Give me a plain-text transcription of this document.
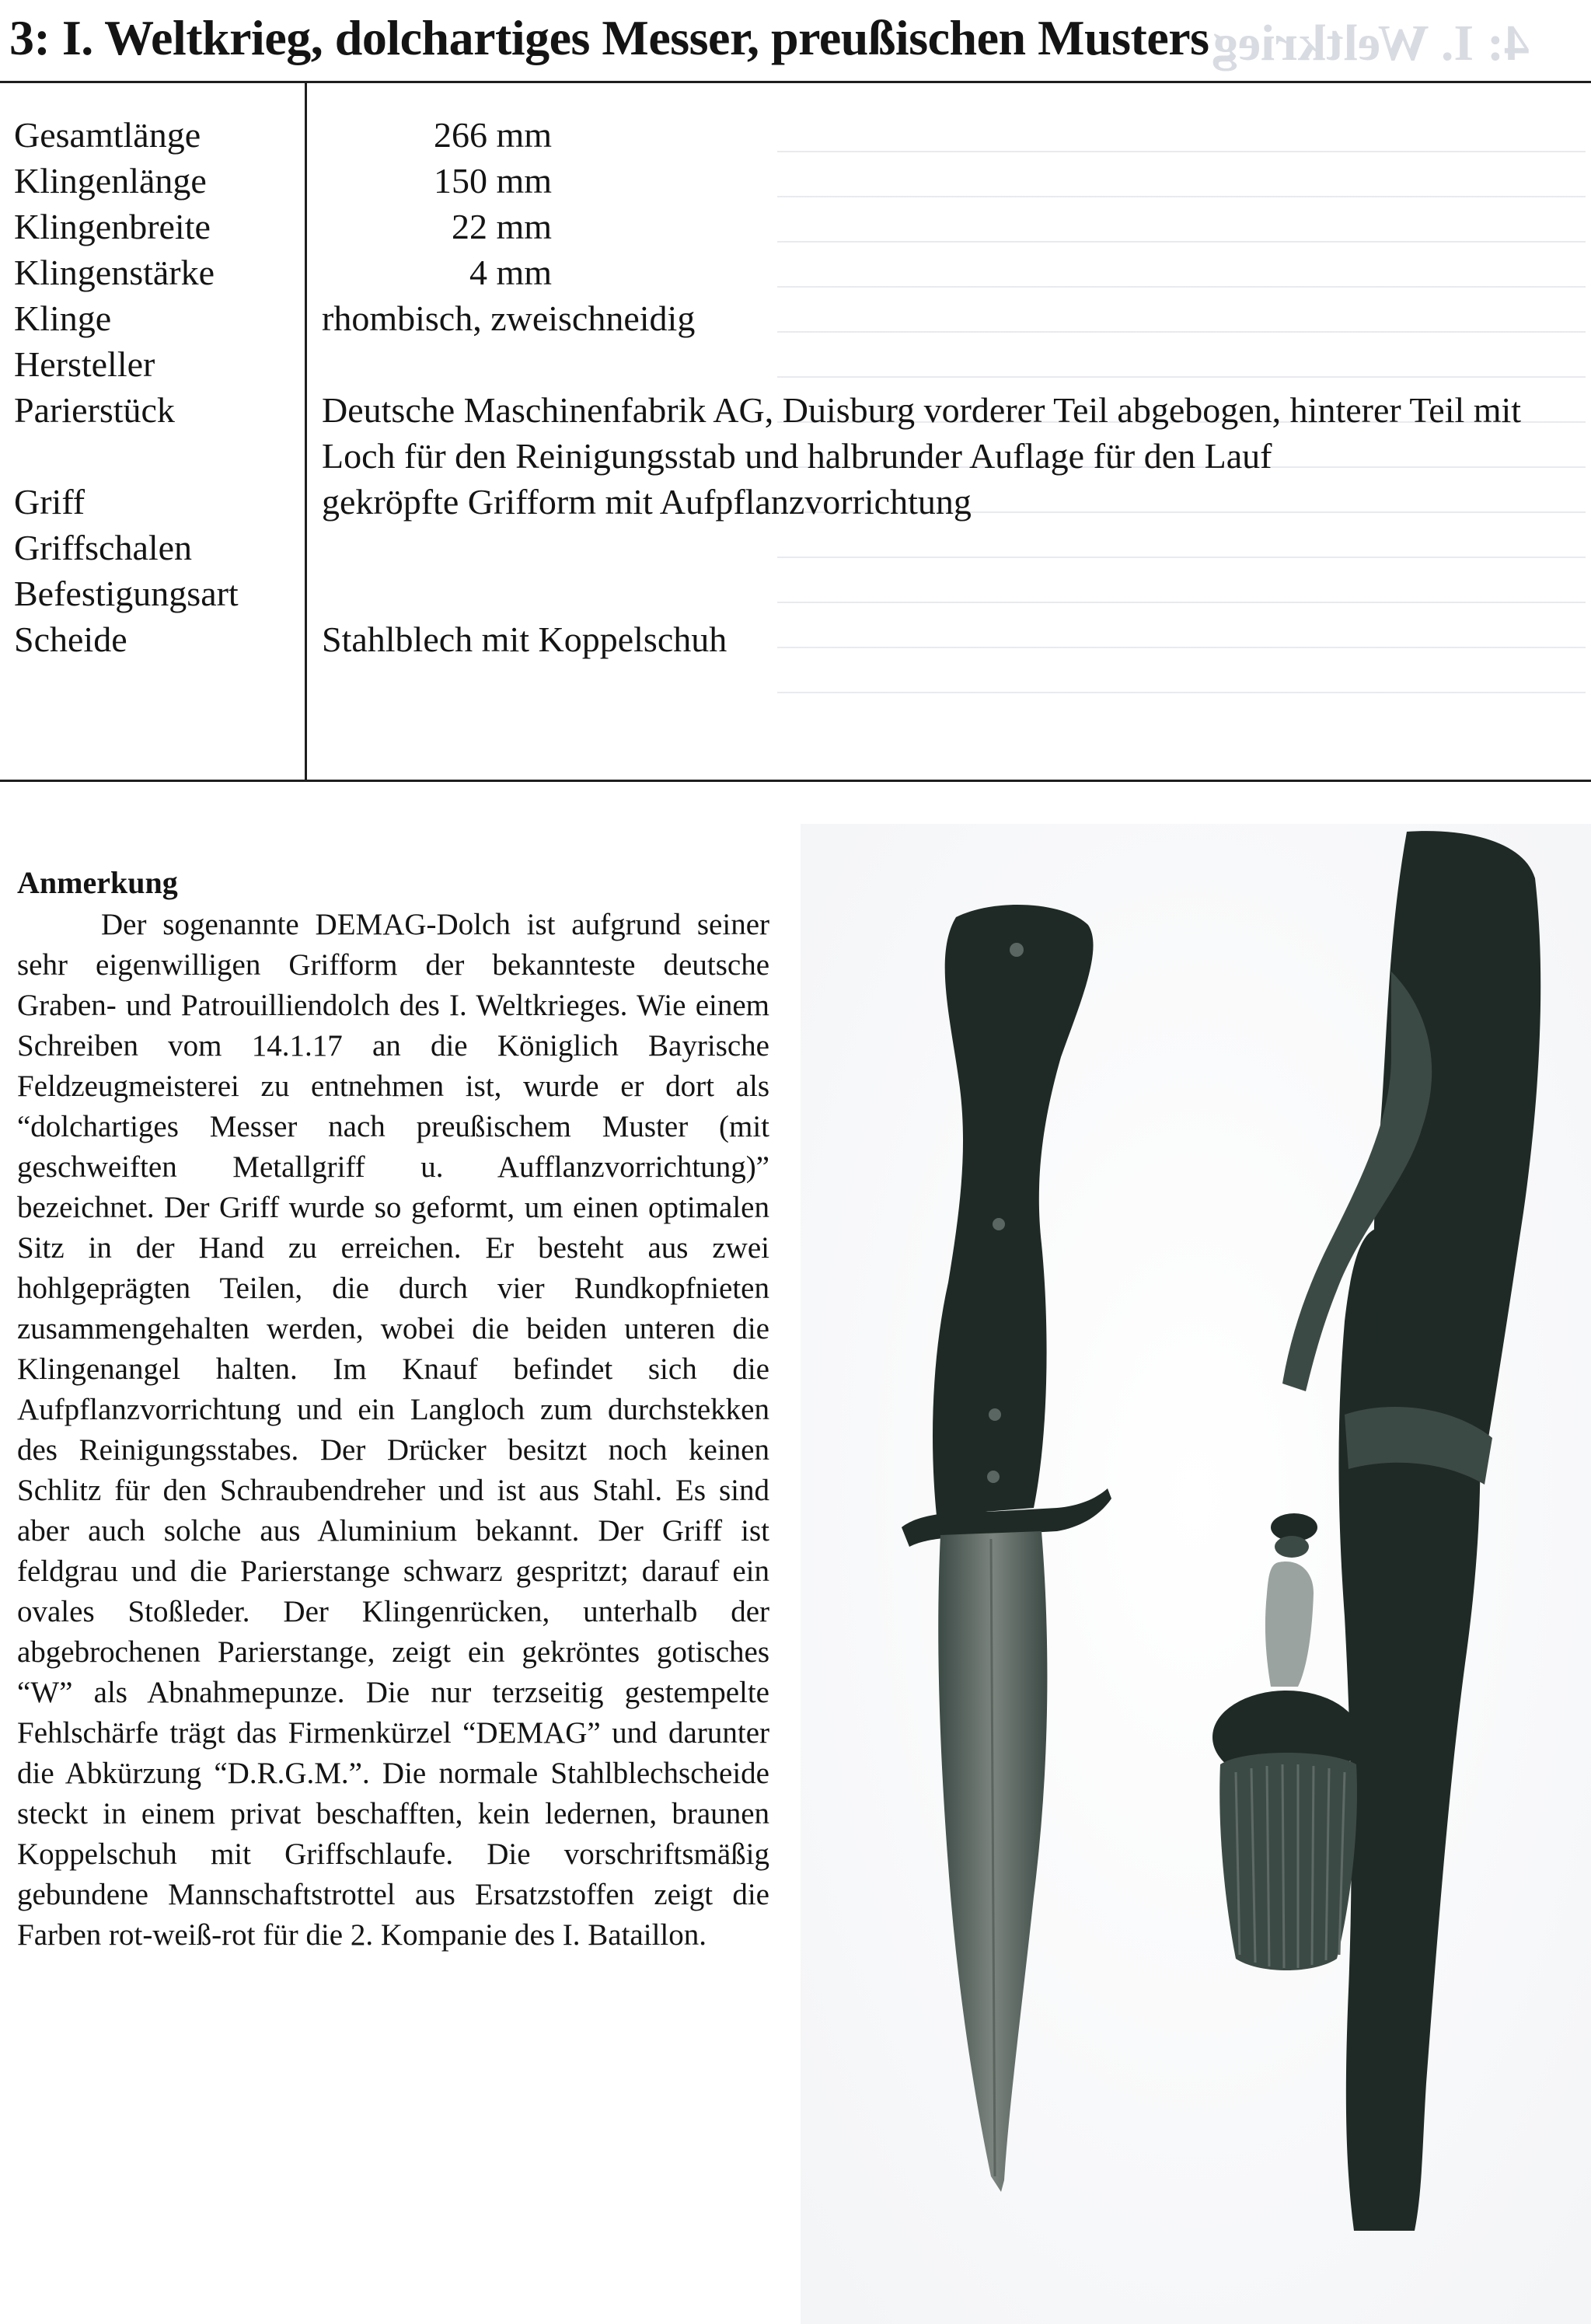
4: I. Weltkrieg
3: I. Weltkrieg, dolchartiges Messer, preußischen Musters
Gesamtlänge	266 mm
Klingenlänge	150 mm
Klingenbreite	22 mm
Klingenstärke	4 mm
Klinge	rhombisch, zweischneidig
Hersteller
Parierstück	Deutsche Maschinenfabrik AG, Duisburg vorderer Teil abgebogen, hinterer Teil mit Loch für den Reinigungsstab und halbrunder Auflage für den Lauf
Griff	gekröpfte Grifform mit Aufpflanzvorrichtung
Griffschalen
Befestigungsart
Scheide	Stahlblech mit Koppelschuh
Anmerkung
Der sogenannte DEMAG-Dolch ist aufgrund seiner sehr eigenwilligen Grifform der bekannteste deutsche Graben- und Patrouilliendolch des I. Weltkrieges. Wie einem Schreiben vom 14.1.17 an die Königlich Bayrische Feldzeugmeisterei zu entnehmen ist, wurde er dort als “dolchartiges Messer nach preußischem Muster (mit geschweiften Metallgriff u. Aufflanzvorrichtung)” bezeichnet. Der Griff wurde so geformt, um einen optimalen Sitz in der Hand zu erreichen. Er besteht aus zwei hohlgeprägten Teilen, die durch vier Rundkopfnieten zusammengehalten werden, wobei die beiden unteren die Klingenangel halten. Im Knauf befindet sich die Aufpflanzvorrichtung und ein Langloch zum durchstekken des Reinigungsstabes. Der Drücker besitzt noch keinen Schlitz für den Schraubendreher und ist aus Stahl. Es sind aber auch solche aus Aluminium bekannt. Der Griff ist feldgrau und die Parierstange schwarz gespritzt; darauf ein ovales Stoßleder. Der Klingenrücken, unterhalb der abgebrochenen Parierstange, zeigt ein gekröntes gotisches “W” als Abnahmepunze. Die nur terzseitig gestempelte Fehlschärfe trägt das Firmenkürzel “DEMAG” und darunter die Abkürzung “D.R.G.M.”. Die normale Stahlblechscheide steckt in einem privat beschafften, kein ledernen, braunen Koppelschuh mit Griffschlaufe. Die vorschriftsmäßig gebundene Mannschaftstrottel aus Ersatzstoffen zeigt die Farben rot-weiß-rot für die 2. Kompanie des I. Bataillon.
